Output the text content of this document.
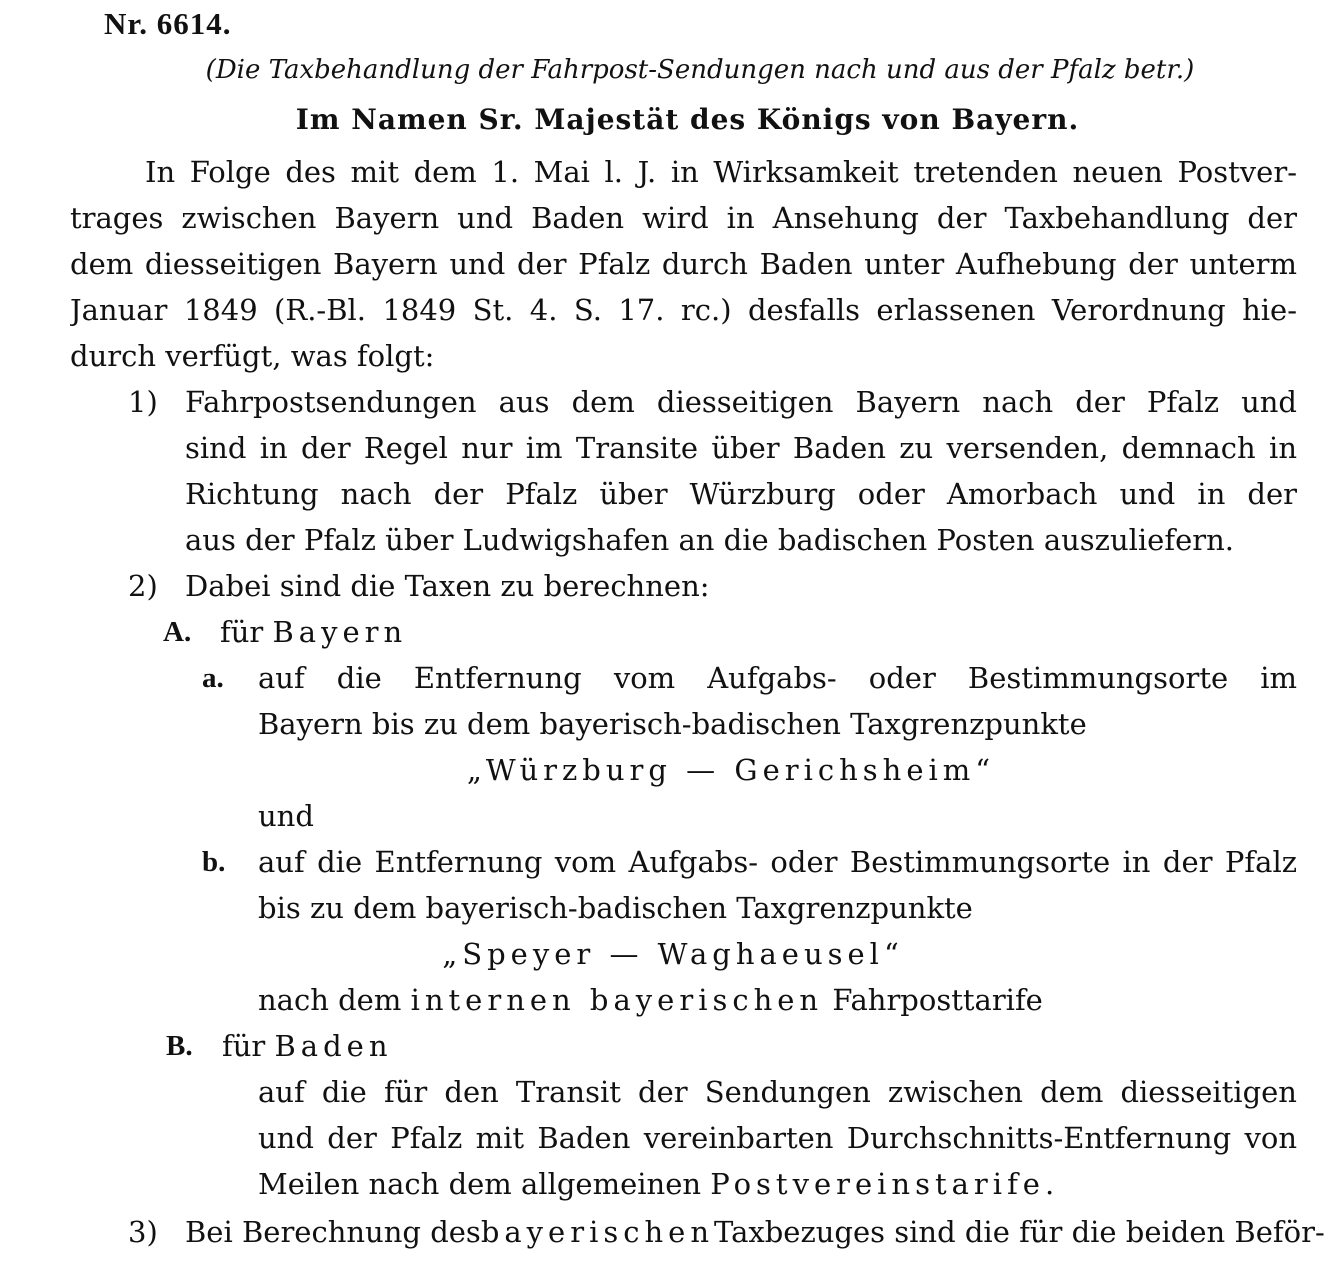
Nr. 6614.
(Die Taxbehandlung der Fahrpost-Sendungen nach und aus der Pfalz betr.)
Im Namen Sr. Majestät des Königs von Bayern.
In Folge des mit dem 1. Mai l. J. in Wirksamkeit tretenden neuen Postver-
trages zwischen Bayern und Baden wird in Ansehung der Taxbehandlung der
dem diesseitigen Bayern und der Pfalz durch Baden unter Aufhebung der unterm
Januar 1849 (R.-Bl. 1849 St. 4. S. 17. rc.) desfalls erlassenen Verordnung hie-
durch verfügt, was folgt:
1) Fahrpostsendungen aus dem diesseitigen Bayern nach der Pfalz und
sind in der Regel nur im Transite über Baden zu versenden, demnach in
Richtung nach der Pfalz über Würzburg oder Amorbach und in der
aus der Pfalz über Ludwigshafen an die badischen Posten auszuliefern.
2) Dabei sind die Taxen zu berechnen:
A. für Bayern
a. auf die Entfernung vom Aufgabs- oder Bestimmungsorte im
Bayern bis zu dem bayerisch-badischen Taxgrenzpunkte
„Würzburg — Gerichsheim“
und
b. auf die Entfernung vom Aufgabs- oder Bestimmungsorte in der Pfalz
bis zu dem bayerisch-badischen Taxgrenzpunkte
„Speyer — Waghaeusel“
nach dem internen bayerischen Fahrposttarife
B. für Baden
auf die für den Transit der Sendungen zwischen dem diesseitigen
und der Pfalz mit Baden vereinbarten Durchschnitts-Entfernung von
Meilen nach dem allgemeinen Postvereinstarife.
3) Bei Berechnung des bayerischen Taxbezuges sind die für die beiden Beför-
